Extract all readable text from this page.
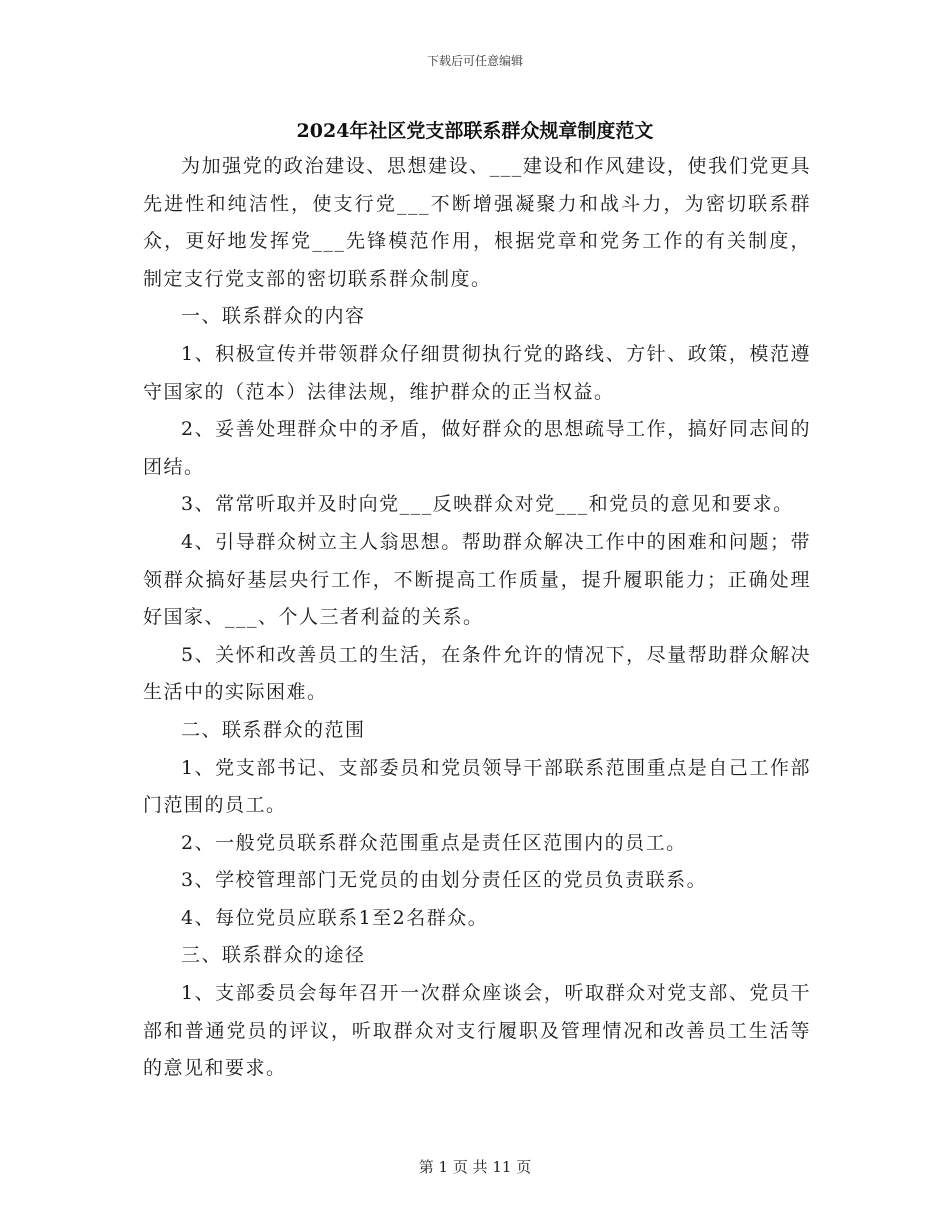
下载后可任意编辑
2024年社区党支部联系群众规章制度范文

为加强党的政治建设、思想建设、___建设和作风建设，使我们党更具先进性和纯洁性，使支行党___不断增强凝聚力和战斗力，为密切联系群众，更好地发挥党___先锋模范作用，根据党章和党务工作的有关制度，制定支行党支部的密切联系群众制度。

一、联系群众的内容

1、积极宣传并带领群众仔细贯彻执行党的路线、方针、政策，模范遵守国家的（范本）法律法规，维护群众的正当权益。

2、妥善处理群众中的矛盾，做好群众的思想疏导工作，搞好同志间的团结。

3、常常听取并及时向党___反映群众对党___和党员的意见和要求。

4、引导群众树立主人翁思想。帮助群众解决工作中的困难和问题；带领群众搞好基层央行工作，不断提高工作质量，提升履职能力；正确处理好国家、___、个人三者利益的关系。

5、关怀和改善员工的生活，在条件允许的情况下，尽量帮助群众解决生活中的实际困难。

二、联系群众的范围

1、党支部书记、支部委员和党员领导干部联系范围重点是自己工作部门范围的员工。

2、一般党员联系群众范围重点是责任区范围内的员工。

3、学校管理部门无党员的由划分责任区的党员负责联系。

4、每位党员应联系1至2名群众。

三、联系群众的途径

1、支部委员会每年召开一次群众座谈会，听取群众对党支部、党员干部和普通党员的评议，听取群众对支行履职及管理情况和改善员工生活等的意见和要求。

第 1 页 共 11 页
